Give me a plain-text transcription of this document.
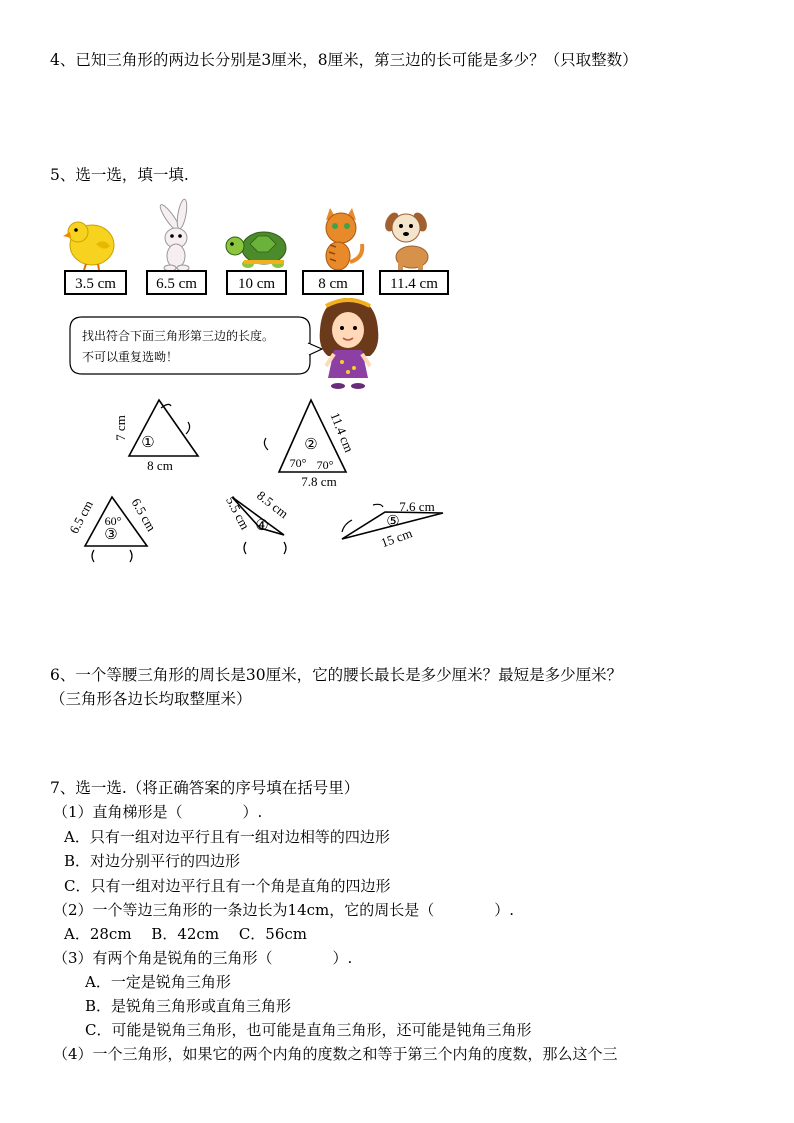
4、已知三角形的两边长分别是3厘米，8厘米，第三边的长可能是多少？（只取整数）
5、选一选，填一填.
3.5 cm	6.5 cm	10 cm	8 cm	11.4 cm
找出符合下面三角形第三边的长度。
不可以重复选呦！
①
7 cm
8 cm
②
70° 70°
11.4 cm
7.8 cm
60°
③
6.5 cm	6.5 cm	④
5.5 cm 8.5 cm
⑤
7.6 cm
15 cm
6、一个等腰三角形的周长是30厘米，它的腰长最长是多少厘米？最短是多少厘米？
（三角形各边长均取整厘米）
7、选一选.（将正确答案的序号填在括号里）
（1）直角梯形是（　　　　）.
A．只有一组对边平行且有一组对边相等的四边形
B．对边分别平行的四边形
C．只有一组对边平行且有一个角是直角的四边形
（2）一个等边三角形的一条边长为14cm，它的周长是（　　　　）.
A．28cm　 B．42cm　 C．56cm
（3）有两个角是锐角的三角形（　　　　）.
A．一定是锐角三角形
B．是锐角三角形或直角三角形
C．可能是锐角三角形，也可能是直角三角形，还可能是钝角三角形
（4）一个三角形，如果它的两个内角的度数之和等于第三个内角的度数，那么这个三
